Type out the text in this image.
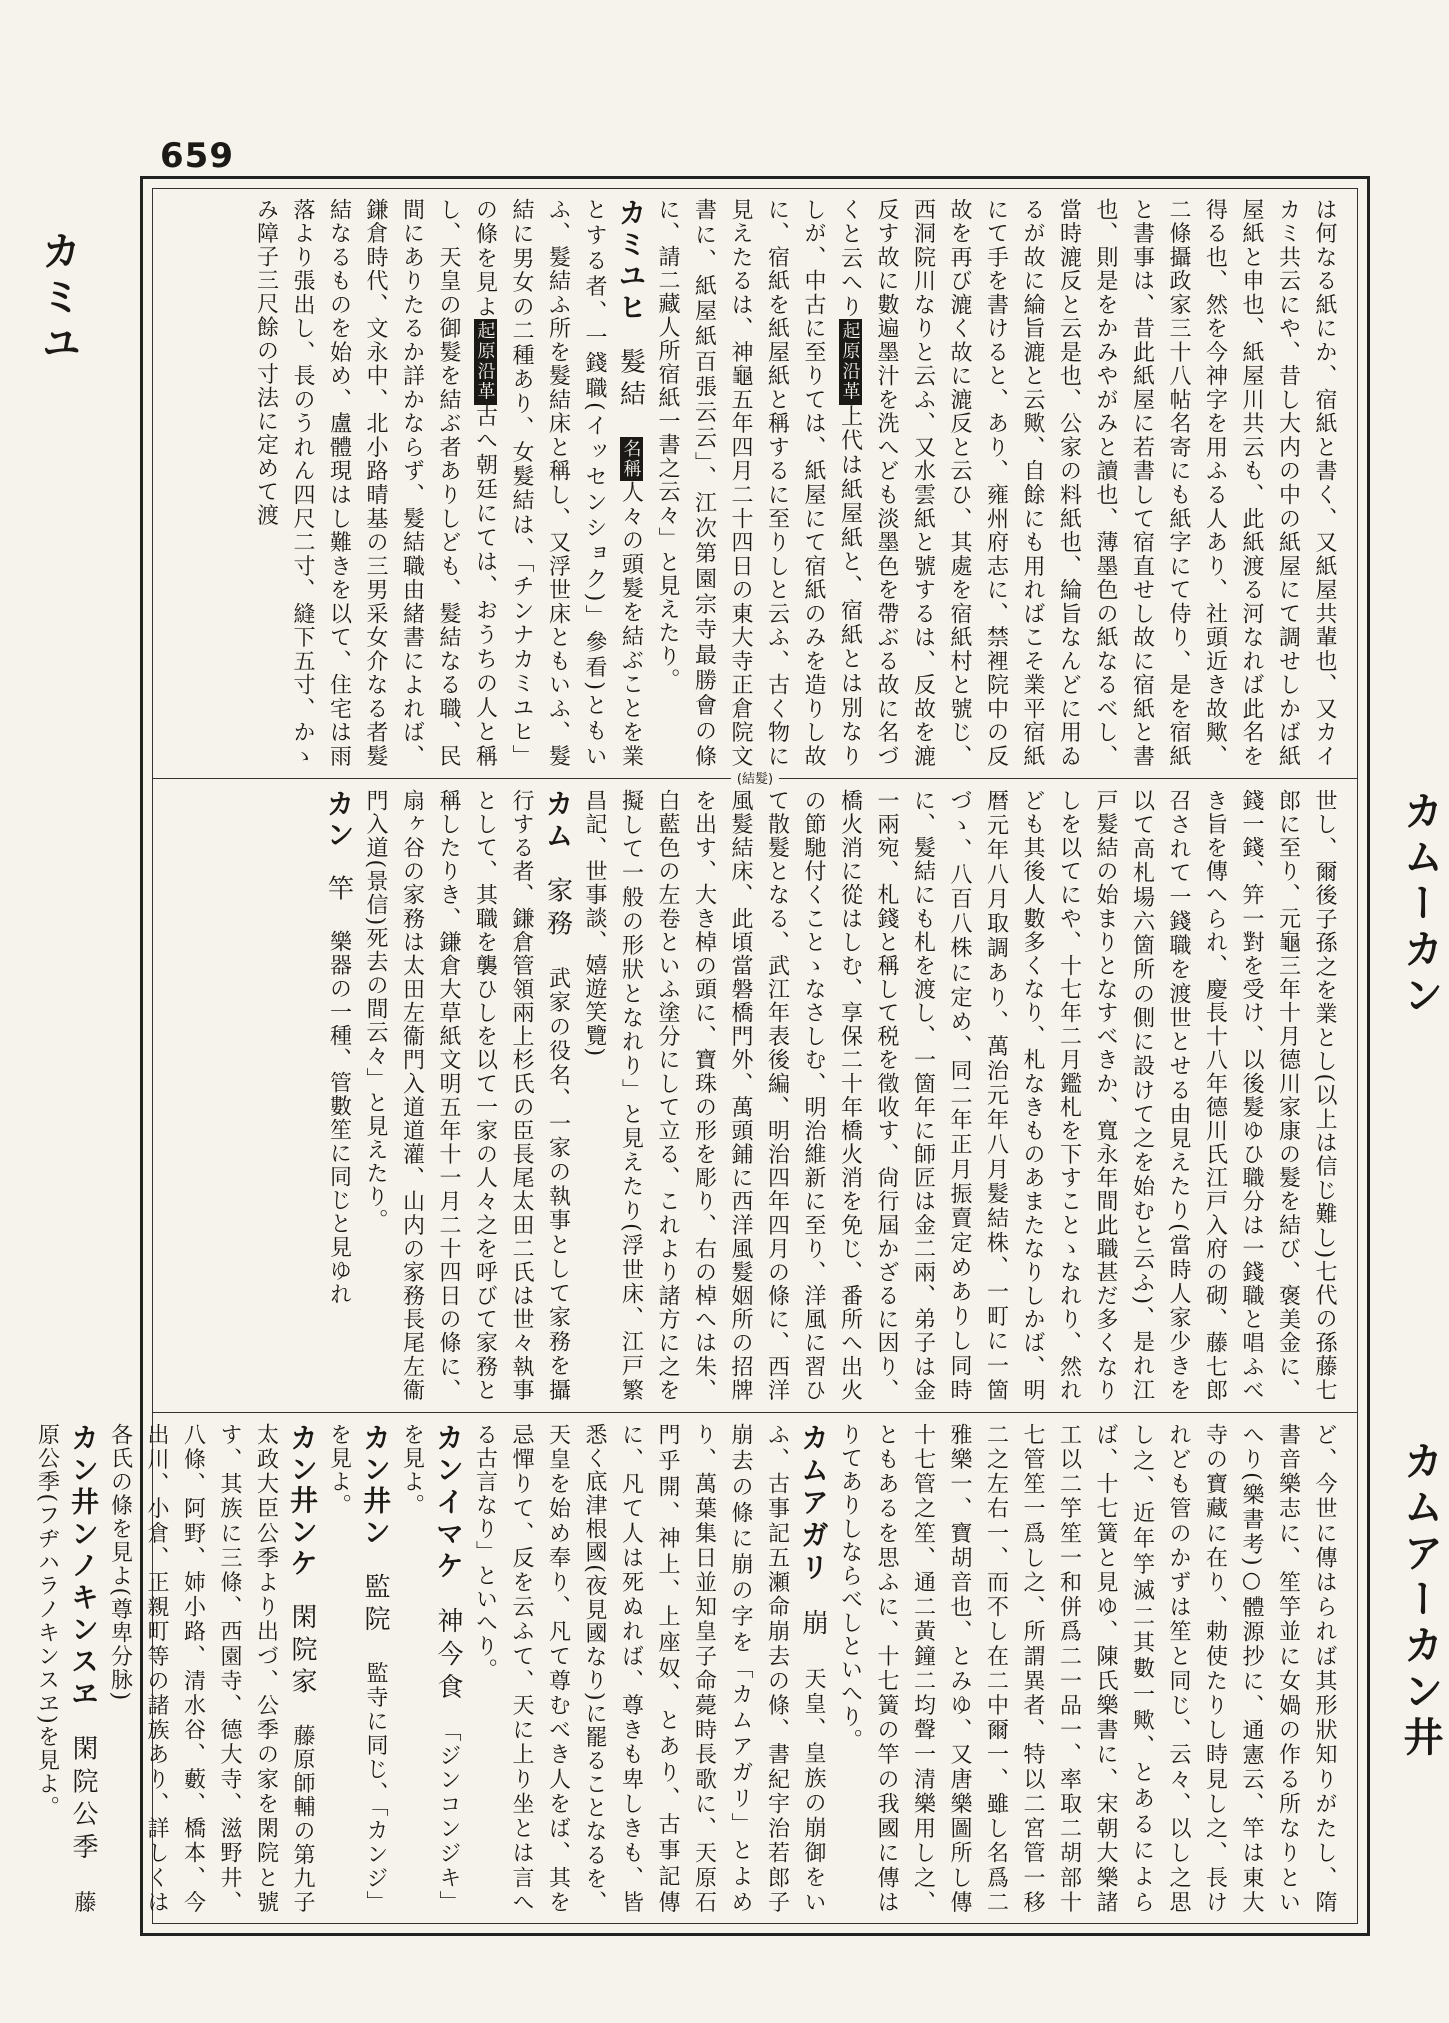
659
カミユ
カムーカン
カムアーカン井
は何なる紙にか、宿紙と書く、又紙屋共輩也、又カイカミ共云にや、昔し大内の中の紙屋にて調せしかば紙屋紙と申也、紙屋川共云も、此紙渡る河なれば此名を得る也、然を今神字を用ふる人あり、社頭近き故歟、二條攝政家三十八帖名寄にも紙字にて侍り、是を宿紙と書事は、昔此紙屋に若書して宿直せし故に宿紙と書也、則是をかみやがみと讀也、薄墨色の紙なるべし、當時漉反と云是也、公家の料紙也、綸旨なんどに用ゐるが故に綸旨漉と云歟、自餘にも用ればこそ業平宿紙にて手を書けると、あり、雍州府志に、禁裡院中の反故を再び漉く故に漉反と云ひ、其處を宿紙村と號じ、西洞院川なりと云ふ、又水雲紙と號するは、反故を漉反す故に數遍墨汁を洗へども淡墨色を帶ぶる故に名づくと云へり起原沿革上代は紙屋紙と、宿紙とは別なりしが、中古に至りては、紙屋にて宿紙のみを造りし故に、宿紙を紙屋紙と稱するに至りしと云ふ、古く物に見えたるは、神龜五年四月二十四日の東大寺正倉院文書に、紙屋紙百張云云」、江次第園宗寺最勝會の條に、請二藏人所宿紙一書之云々」と見えたり。
カミユヒ　髮結　名稱人々の頭髮を結ぶことを業とする者、一錢職(イッセンショク)」參看)ともいふ、髮結ふ所を髮結床と稱し、又浮世床ともいふ、髮結に男女の二種あり、女髮結は、「チンナカミユヒ」の條を見よ起原沿革古へ朝廷にては、おうちの人と稱し、天皇の御髮を結ぶ者ありしども、髮結なる職、民間にありたるか詳かならず、髮結職由緒書によれば、鎌倉時代、文永中、北小路晴基の三男采女介なる者髮結なるものを始め、盧體現はし難きを以て、住宅は雨落より張出し、長のうれん四尺二寸、縫下五寸、かゝみ障子三尺餘の寸法に定めて渡
(結髮)
世し、爾後子孫之を業とし(以上は信じ難し)七代の孫藤七郎に至り、元龜三年十月德川家康の髮を結び、褒美金に、錢一錢、笄一對を受け、以後髮ゆひ職分は一錢職と唱ふべき旨を傳へられ、慶長十八年德川氏江戸入府の砌、藤七郎召されて一錢職を渡世とせる由見えたり(當時人家少きを以て高札場六箇所の側に設けて之を始むと云ふ)、是れ江戸髮結の始まりとなすべきか、寬永年間此職甚だ多くなりしを以てにや、十七年二月鑑札を下すことゝなれり、然れども其後人數多くなり、札なきものあまたなりしかば、明暦元年八月取調あり、萬治元年八月髮結株、一町に一箇づゝ、八百八株に定め、同二年正月振賣定めありし同時に、髮結にも札を渡し、一箇年に師匠は金二兩、弟子は金一兩宛、札錢と稱して税を徵收す、尙行屆かざるに因り、橋火消に從はしむ、享保二十年橋火消を免じ、番所へ出火の節馳付くことゝなさしむ、明治維新に至り、洋風に習ひて散髮となる、武江年表後編、明治四年四月の條に、西洋風髮結床、此頃當磐橋門外、萬頭鋪に西洋風髮姻所の招牌を出す、大き棹の頭に、寶珠の形を彫り、右の棹へは朱、白藍色の左卷といふ塗分にして立る、これより諸方に之を擬して一般の形狀となれり」と見えたり(浮世床、江戸繁昌記、世事談、嬉遊笑覽)
カム　家務　武家の役名、一家の執事として家務を攝行する者、鎌倉管領兩上杉氏の臣長尾太田二氏は世々執事として、其職を襲ひしを以て一家の人々之を呼びて家務と稱したりき、鎌倉大草紙文明五年十一月二十四日の條に、扇ヶ谷の家務は太田左衞門入道道灌、山内の家務長尾左衞門入道(景信)死去の間云々」と見えたり。
カン　竿　樂器の一種、管數笙に同じと見ゆれ
ど、今世に傳はられば其形狀知りがたし、隋書音樂志に、笙竽並に女媧の作る所なりといへり(樂書考)○體源抄に、通憲云、竿は東大寺の寶藏に在り、勅使たりし時見し之、長けれども管のかずは笙と同じ、云々、以し之思し之、近年竽滅二其數一歟、とあるによらば、十七簧と見ゆ、陳氏樂書に、宋朝大樂諸工以二竽笙一和併爲二一品一、率取二胡部十七管笙一爲し之、所謂異者、特以二宮管一移二之左右一、而不し在二中爾一、雖し名爲二雅樂一、寶胡音也、とみゆ、又唐樂圖所し傳十七管之笙、通二黃鐘二均聲一清樂用し之、ともあるを思ふに、十七簧の竿の我國に傳はりてありしならべしといへり。
カムアガリ　崩　天皇、皇族の崩御をいふ、古事記五瀬命崩去の條、書紀宇治若郎子崩去の條に崩の字を「カムアガリ」とよめり、萬葉集日並知皇子命薨時長歌に、天原石門乎開、神上、上座奴、とあり、古事記傳に、凡て人は死ぬれば、尊きも卑しきも、皆悉く底津根國(夜見國なり)に罷ることなるを、天皇を始め奉り、凡て尊むべき人をば、其を忌憚りて、反を云ふて、天に上り坐とは言へる古言なり」といへり。
カンイマケ　神今食　「ジンコンジキ」を見よ。
カン井ン　監院　監寺に同じ、「カンジ」を見よ。
カン井ンケ　閑院家　藤原師輔の第九子太政大臣公季より出づ、公季の家を閑院と號す、其族に三條、西園寺、德大寺、滋野井、八條、阿野、姉小路、清水谷、藪、橋本、今出川、小倉、正親町等の諸族あり、詳しくは各氏の條を見よ(尊卑分脉)
カン井ンノキンスヱ　閑院公季　藤原公季(フヂハラノキンスヱ)を見よ。
